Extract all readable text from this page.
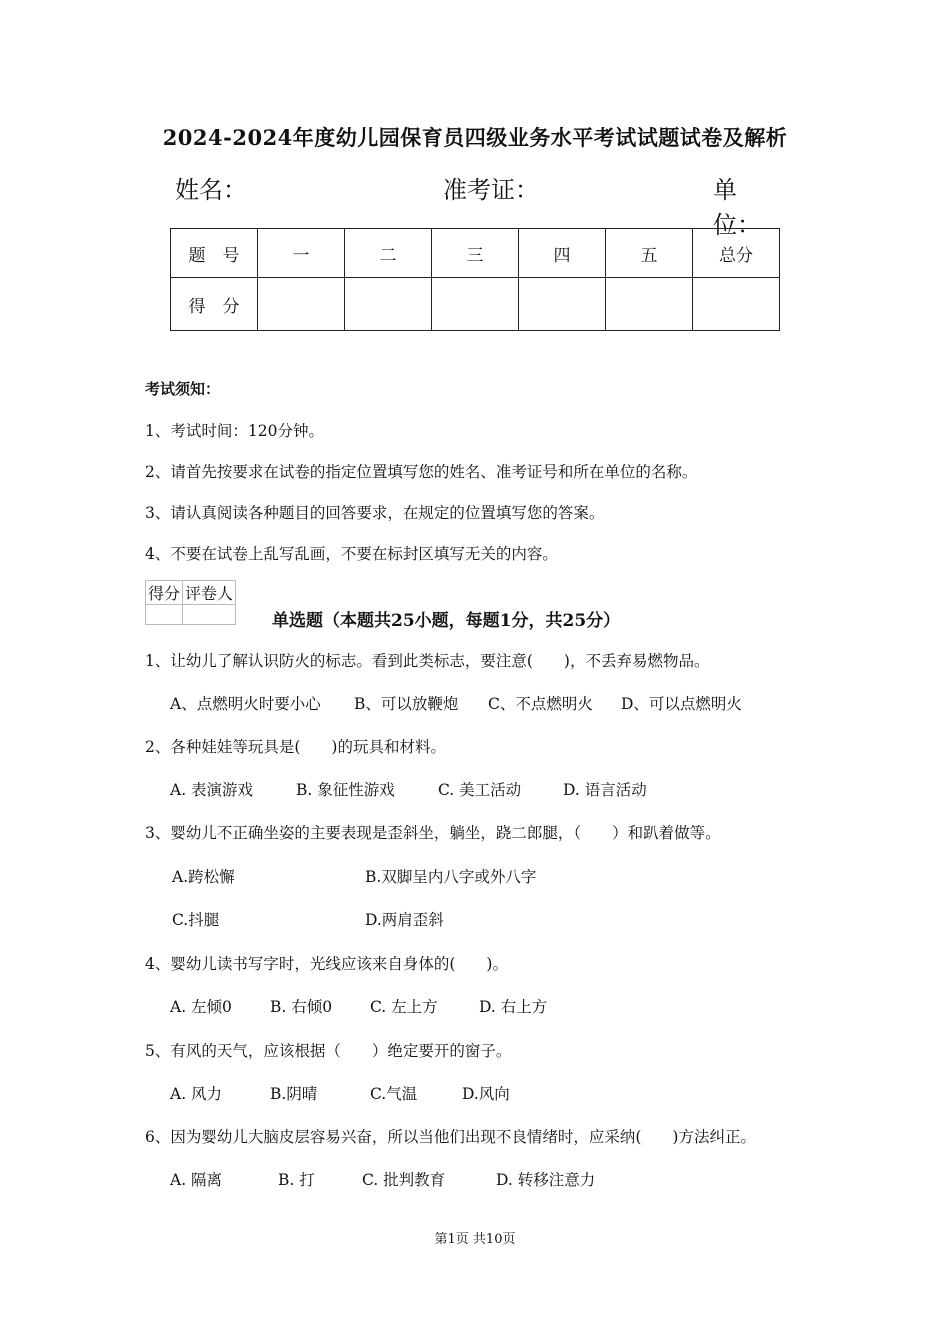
2024-2024年度幼儿园保育员四级业务水平考试试题试卷及解析
姓名：	准考证：	单位：
题　号	一	二	三	四	五	总分
得　分						
考试须知：
1、考试时间：120分钟。
2、请首先按要求在试卷的指定位置填写您的姓名、准考证号和所在单位的名称。
3、请认真阅读各种题目的回答要求，在规定的位置填写您的答案。
4、不要在试卷上乱写乱画，不要在标封区填写无关的内容。
得分	评卷人

单选题（本题共25小题，每题1分，共25分）
1、让幼儿了解认识防火的标志。看到此类标志，要注意(　　)，不丢弃易燃物品。
A、点燃明火时要小心 B、可以放鞭炮 C、不点燃明火 D、可以点燃明火
2、各种娃娃等玩具是(　　)的玩具和材料。
A. 表演游戏	B. 象征性游戏	C. 美工活动	D. 语言活动
3、婴幼儿不正确坐姿的主要表现是歪斜坐，躺坐，跷二郎腿，（　　）和趴着做等。
A.跨松懈	B.双脚呈内八字或外八字
C.抖腿	D.两肩歪斜
4、婴幼儿读书写字时，光线应该来自身体的(　　)。
A. 左倾0 B. 右倾0 C. 左上方	D. 右上方
5、有风的天气，应该根据（　　）绝定要开的窗子。
A. 风力	B.阴晴	C.气温	D.风向
6、因为婴幼儿大脑皮层容易兴奋，所以当他们出现不良情绪时，应采纳(　　)方法纠正。
A. 隔离	B. 打	C. 批判教育	D. 转移注意力
第1页 共10页
